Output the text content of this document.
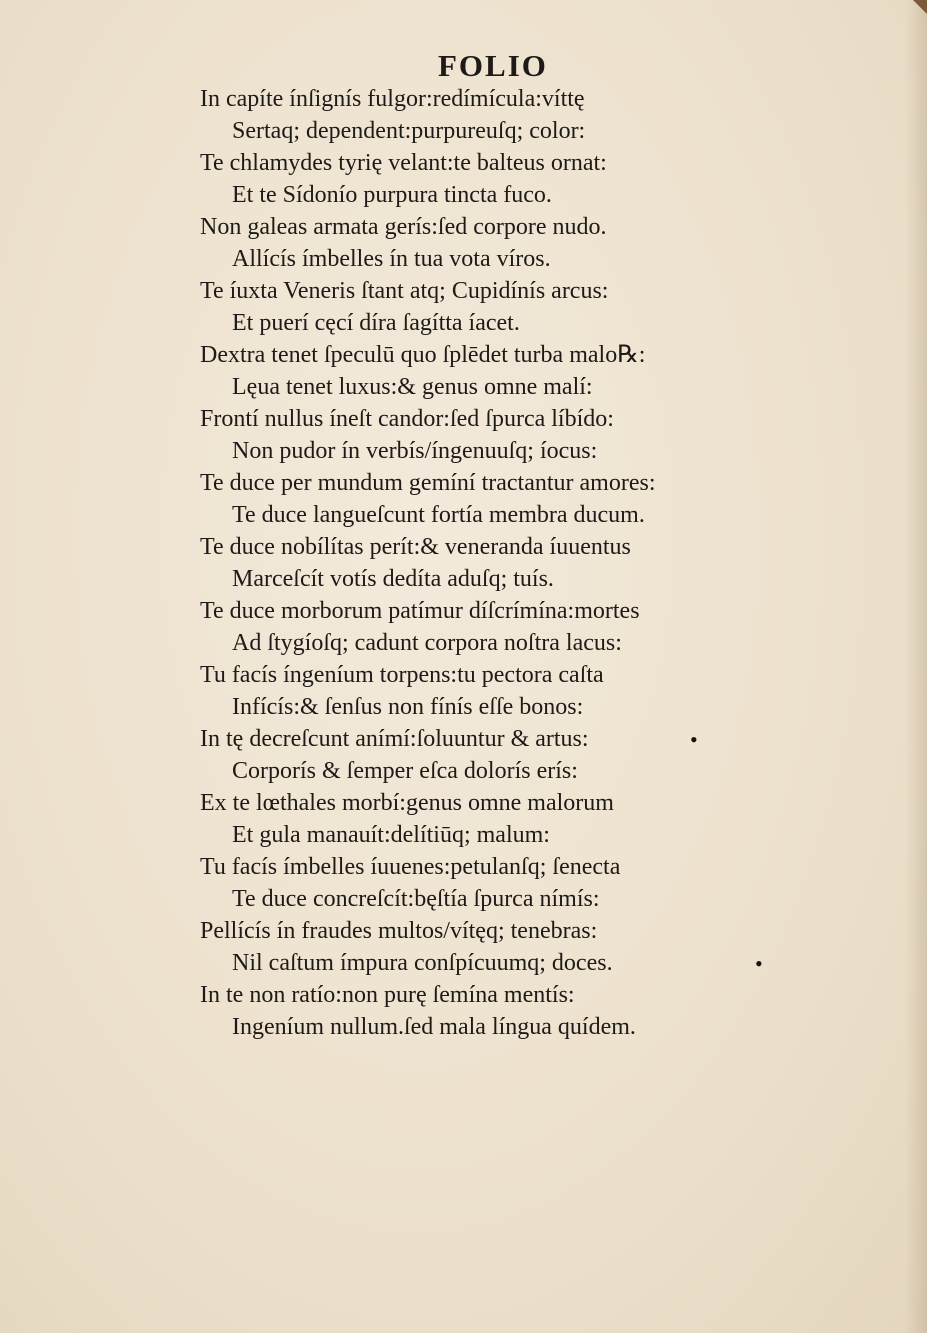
FOLIO
In capíte ínſignís fulgor:redímícula:víttę
Sertaq; dependent:purpureuſq; color:
Te chlamydes tyrię velant:te balteus ornat:
Et te Sídonío purpura tincta fuco.
Non galeas armata gerís:ſed corpore nudo.
Allícís ímbelles ín tua vota víros.
Te íuxta Veneris ſtant atq; Cupidínís arcus:
Et puerí cęcí díra ſagítta íacet.
Dextra tenet ſpeculū quo ſplēdet turba malo℞:
Lęua tenet luxus:& genus omne malí:
Frontí nullus íneſt candor:ſed ſpurca líbído:
Non pudor ín verbís/íngenuuſq; íocus:
Te duce per mundum gemíní tractantur amores:
Te duce langueſcunt fortía membra ducum.
Te duce nobílítas perít:& veneranda íuuentus
Marceſcít votís dedíta aduſq; tuís.
Te duce morborum patímur díſcrímína:mortes
Ad ſtygíoſq; cadunt corpora noſtra lacus:
Tu facís íngeníum torpens:tu pectora caſta
Infícís:& ſenſus non fínís eſſe bonos:
In tę decreſcunt anímí:ſoluuntur & artus:
Corporís & ſemper eſca dolorís erís:
Ex te lœthales morbí:genus omne malorum
Et gula manauít:delítiūq; malum:
Tu facís ímbelles íuuenes:petulanſq; ſenecta
Te duce concreſcít:bęſtía ſpurca nímís:
Pellícís ín fraudes multos/vítęq; tenebras:
Nil caſtum ímpura conſpícuumq; doces.
In te non ratío:non purę ſemína mentís:
Ingeníum nullum.ſed mala língua quídem.
•
•
